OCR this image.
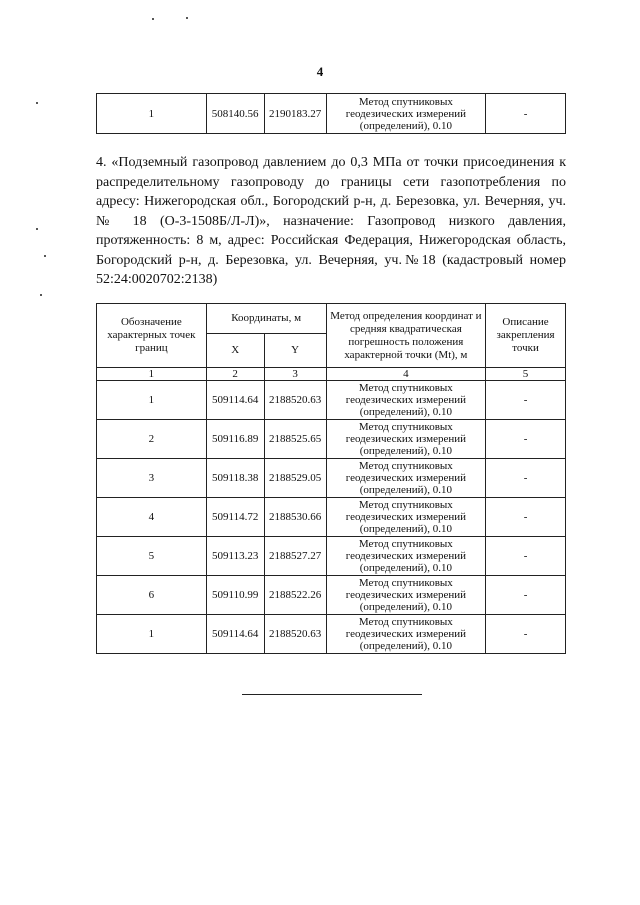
4
1	508140.56	2190183.27	Метод спутниковых геодезических измерений (определений), 0.10	-
4. «Подземный газопровод давлением до 0,3 МПа от точки присоединения к распределительному газопроводу до границы сети газопотребления по адресу: Нижегородская обл., Богородский р-н, д. Березовка, ул. Вечерняя, уч. № 18 (О-3-1508Б/Л-Л)», назначение: Газопровод низкого давления, протяженность: 8 м, адрес: Российская Федерация, Нижегородская область, Богородский р-н, д. Березовка, ул. Вечерняя, уч.№18 (кадастровый номер 52:24:0020702:2138)
Обозначение характерных точек границ	Координаты, м		Метод определения координат и средняя квадратическая погрешность положения характерной точки (Mt), м	Описание закрепления точки
	X	Y		
1	2	3	4	5
1	509114.64	2188520.63	Метод спутниковых геодезических измерений (определений), 0.10	-
2	509116.89	2188525.65	Метод спутниковых геодезических измерений (определений), 0.10	-
3	509118.38	2188529.05	Метод спутниковых геодезических измерений (определений), 0.10	-
4	509114.72	2188530.66	Метод спутниковых геодезических измерений (определений), 0.10	-
5	509113.23	2188527.27	Метод спутниковых геодезических измерений (определений), 0.10	-
6	509110.99	2188522.26	Метод спутниковых геодезических измерений (определений), 0.10	-
1	509114.64	2188520.63	Метод спутниковых геодезических измерений (определений), 0.10	-
